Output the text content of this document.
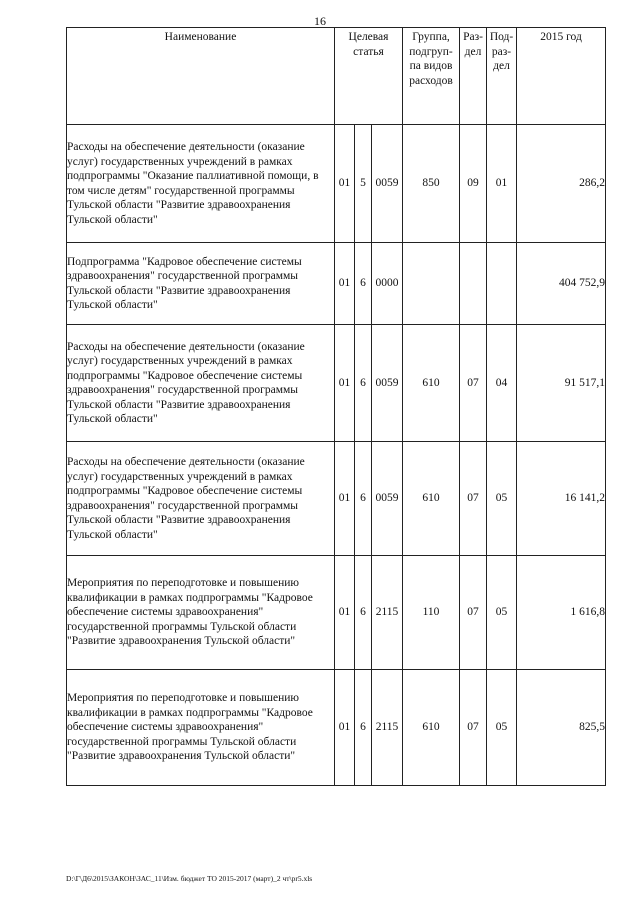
16
Наименование	Целевая статья			Группа, подгруп-па видов расходов	Раз-дел	Под-раз-дел	2015 год
Расходы на обеспечение деятельности (оказание услуг) государственных учреждений в рамках подпрограммы "Оказание паллиативной помощи, в том числе детям" государственной программы Тульской области "Развитие здравоохранения Тульской области"	01	5	0059	850	09	01	286,2
Подпрограмма "Кадровое обеспечение системы здравоохранения" государственной программы Тульской области "Развитие здравоохранения Тульской области"	01	6	0000				404 752,9
Расходы на обеспечение деятельности (оказание услуг) государственных учреждений в рамках подпрограммы "Кадровое обеспечение системы здравоохранения" государственной программы Тульской области "Развитие здравоохранения Тульской области"	01	6	0059	610	07	04	91 517,1
Расходы на обеспечение деятельности (оказание услуг) государственных учреждений в рамках подпрограммы "Кадровое обеспечение системы здравоохранения" государственной программы Тульской области "Развитие здравоохранения Тульской области"	01	6	0059	610	07	05	16 141,2
Мероприятия по переподготовке и повышению квалификации в рамках подпрограммы "Кадровое обеспечение системы здравоохранения" государственной программы Тульской области "Развитие здравоохранения Тульской области"	01	6	2115	110	07	05	1 616,8
Мероприятия по переподготовке и повышению квалификации в рамках подпрограммы "Кадровое обеспечение системы здравоохранения" государственной программы Тульской области "Развитие здравоохранения Тульской области"	01	6	2115	610	07	05	825,5
D:\Г\Д6\2015\ЗАКОН\ЗАС_11\Изм. бюджет ТО 2015-2017 (март)_2 чт\pr5.xls
